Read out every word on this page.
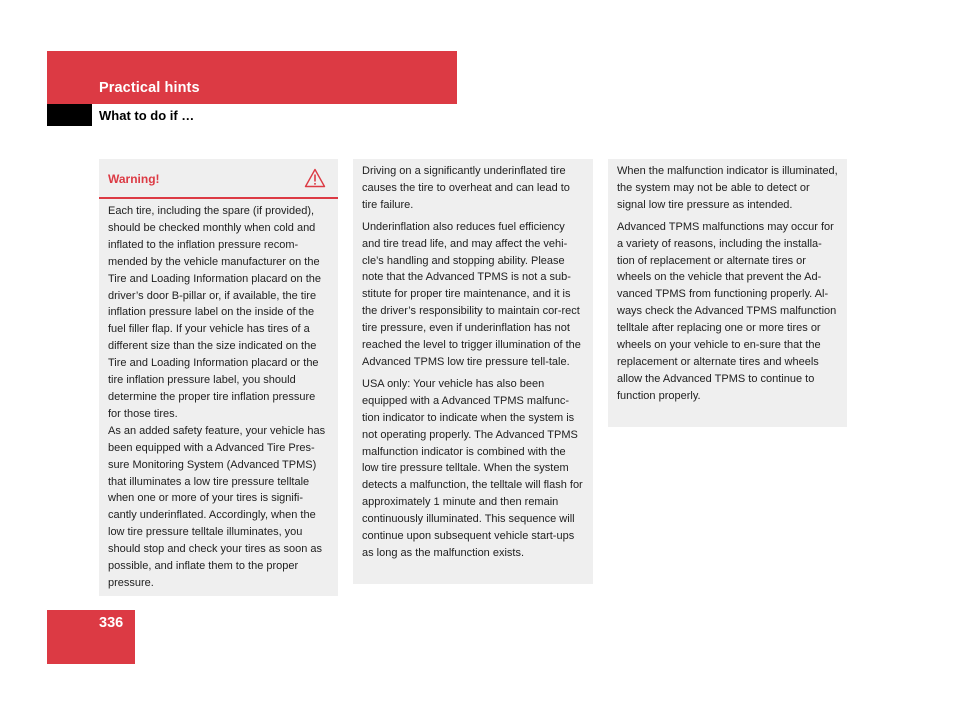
Practical hints
What to do if …
Warning!

Each tire, including the spare (if provided), should be checked monthly when cold and inflated to the inflation pressure recom-mended by the vehicle manufacturer on the Tire and Loading Information placard on the driver’s door B-pillar or, if available, the tire inflation pressure label on the inside of the fuel filler flap. If your vehicle has tires of a different size than the size indicated on the Tire and Loading Information placard or the tire inflation pressure label, you should determine the proper tire inflation pressure for those tires.

As an added safety feature, your vehicle has been equipped with a Advanced Tire Pres-sure Monitoring System (Advanced TPMS) that illuminates a low tire pressure telltale when one or more of your tires is signifi-cantly underinflated. Accordingly, when the low tire pressure telltale illuminates, you should stop and check your tires as soon as possible, and inflate them to the proper pressure.

Driving on a significantly underinflated tire causes the tire to overheat and can lead to tire failure.

Underinflation also reduces fuel efficiency and tire tread life, and may affect the vehi-cle’s handling and stopping ability. Please note that the Advanced TPMS is not a sub-stitute for proper tire maintenance, and it is the driver’s responsibility to maintain cor-rect tire pressure, even if underinflation has not reached the level to trigger illumination of the Advanced TPMS low tire pressure tell-tale.

USA only: Your vehicle has also been equipped with a Advanced TPMS malfunc-tion indicator to indicate when the system is not operating properly. The Advanced TPMS malfunction indicator is combined with the low tire pressure telltale. When the system detects a malfunction, the telltale will flash for approximately 1 minute and then remain continuously illuminated. This sequence will continue upon subsequent vehicle start-ups as long as the malfunction exists.

When the malfunction indicator is illuminated, the system may not be able to detect or signal low tire pressure as intended.

Advanced TPMS malfunctions may occur for a variety of reasons, including the installa-tion of replacement or alternate tires or wheels on the vehicle that prevent the Ad-vanced TPMS from functioning properly. Al-ways check the Advanced TPMS malfunction telltale after replacing one or more tires or wheels on your vehicle to en-sure that the replacement or alternate tires and wheels allow the Advanced TPMS to continue to function properly.

336
